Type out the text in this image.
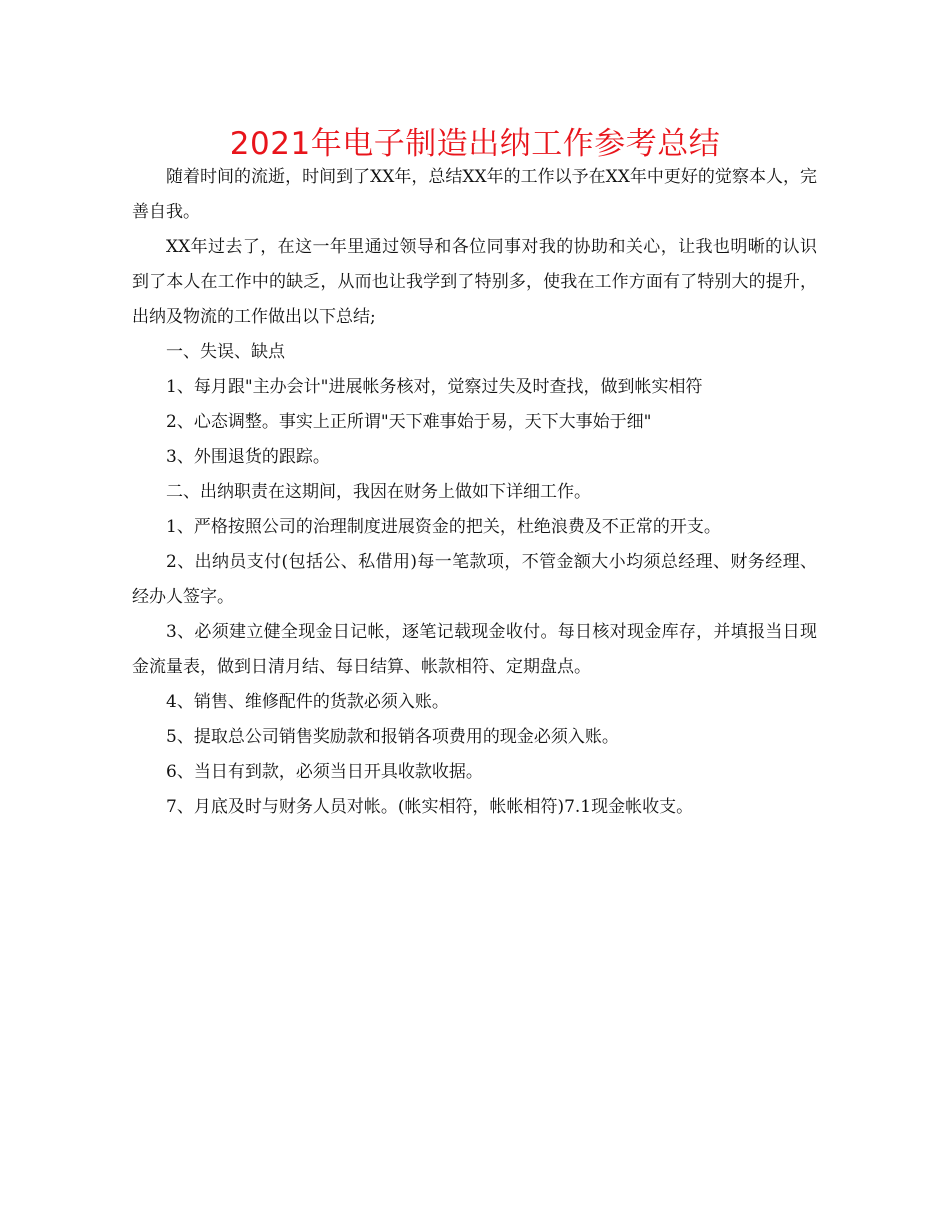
2021年电子制造出纳工作参考总结

随着时间的流逝，时间到了XX年，总结XX年的工作以予在XX年中更好的觉察本人，完善自我。

XX年过去了，在这一年里通过领导和各位同事对我的协助和关心，让我也明晰的认识到了本人在工作中的缺乏，从而也让我学到了特别多，使我在工作方面有了特别大的提升，出纳及物流的工作做出以下总结;

一、失误、缺点

1、每月跟"主办会计"进展帐务核对，觉察过失及时查找，做到帐实相符

2、心态调整。事实上正所谓"天下难事始于易，天下大事始于细"

3、外围退货的跟踪。

二、出纳职责在这期间，我因在财务上做如下详细工作。

1、严格按照公司的治理制度进展资金的把关，杜绝浪费及不正常的开支。

2、出纳员支付(包括公、私借用)每一笔款项，不管金额大小均须总经理、财务经理、经办人签字。

3、必须建立健全现金日记帐，逐笔记载现金收付。每日核对现金库存，并填报当日现金流量表，做到日清月结、每日结算、帐款相符、定期盘点。

4、销售、维修配件的货款必须入账。

5、提取总公司销售奖励款和报销各项费用的现金必须入账。

6、当日有到款，必须当日开具收款收据。

7、月底及时与财务人员对帐。(帐实相符，帐帐相符)7.1现金帐收支。
